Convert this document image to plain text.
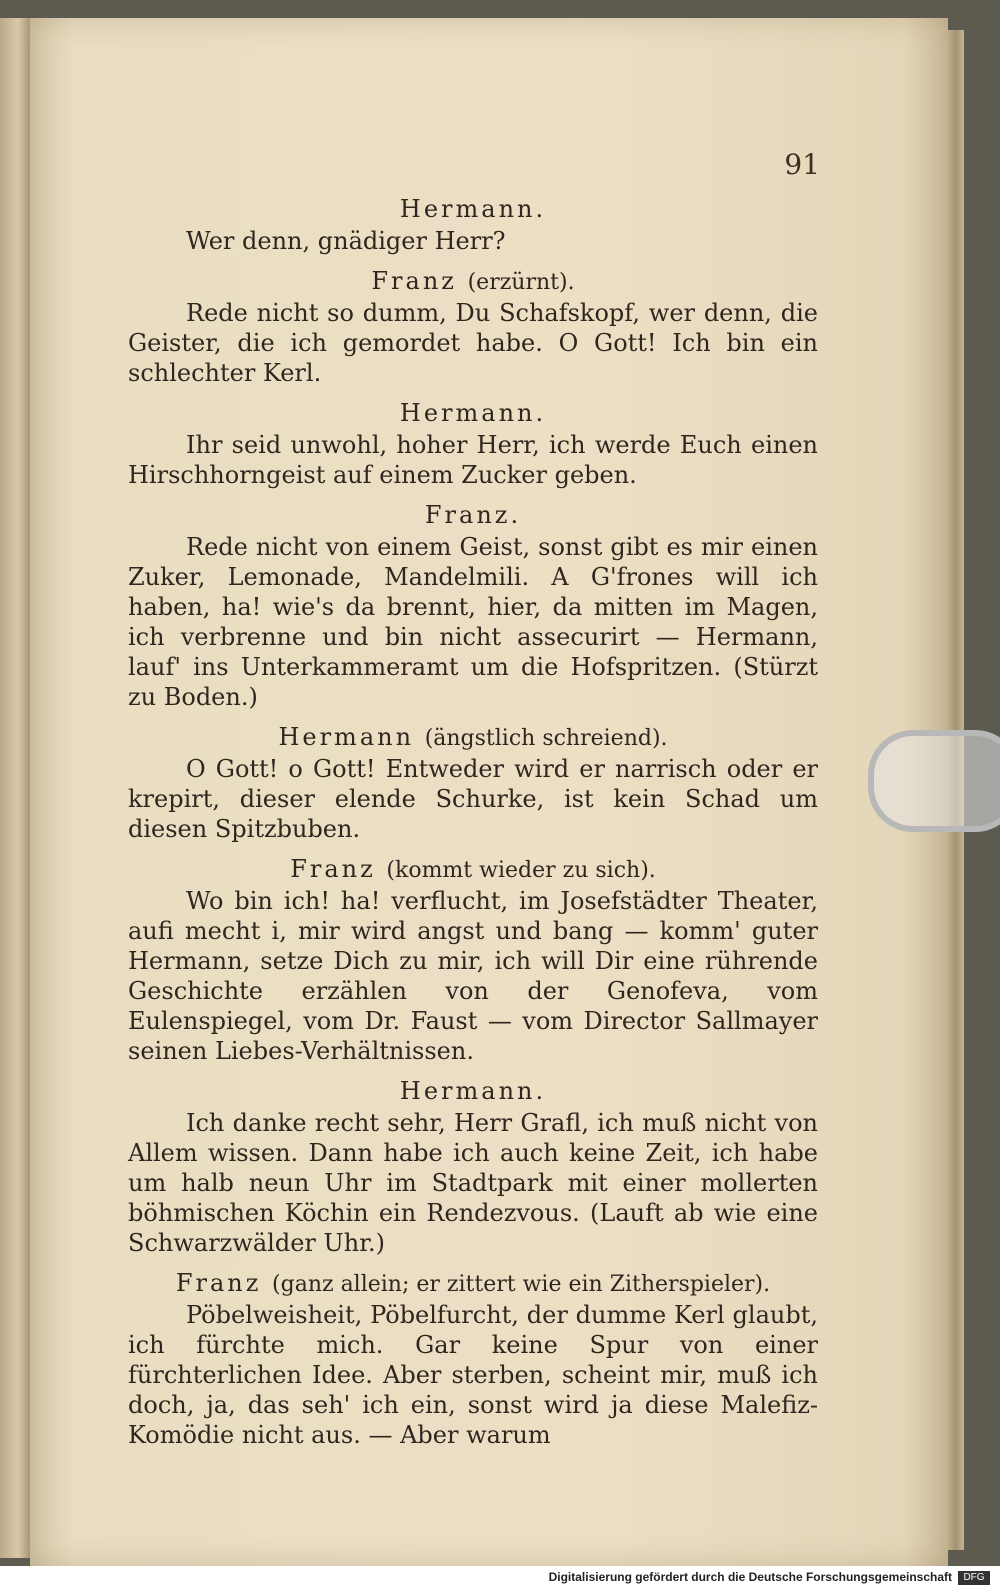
91
Hermann.
Wer denn, gnädiger Herr?
Franz (erzürnt).
Rede nicht so dumm, Du Schafskopf, wer denn, die Geister, die ich gemordet habe. O Gott! Ich bin ein schlechter Kerl.
Hermann.
Ihr seid unwohl, hoher Herr, ich werde Euch einen Hirschhorngeist auf einem Zucker geben.
Franz.
Rede nicht von einem Geist, sonst gibt es mir einen Zuker, Lemonade, Mandelmili. A G'frones will ich haben, ha! wie's da brennt, hier, da mitten im Magen, ich verbrenne und bin nicht assecurirt — Hermann, lauf' ins Unterkammeramt um die Hofspritzen. (Stürzt zu Boden.)
Hermann (ängstlich schreiend).
O Gott! o Gott! Entweder wird er narrisch oder er krepirt, dieser elende Schurke, ist kein Schad um diesen Spitzbuben.
Franz (kommt wieder zu sich).
Wo bin ich! ha! verflucht, im Josefstädter Theater, aufi mecht i, mir wird angst und bang — komm' guter Hermann, setze Dich zu mir, ich will Dir eine rührende Geschichte erzählen von der Genofeva, vom Eulenspiegel, vom Dr. Faust — vom Director Sallmayer seinen Liebes-Verhältnissen.
Hermann.
Ich danke recht sehr, Herr Grafl, ich muß nicht von Allem wissen. Dann habe ich auch keine Zeit, ich habe um halb neun Uhr im Stadtpark mit einer mollerten böhmischen Köchin ein Rendezvous. (Lauft ab wie eine Schwarzwälder Uhr.)
Franz (ganz allein; er zittert wie ein Zitherspieler).
Pöbelweisheit, Pöbelfurcht, der dumme Kerl glaubt, ich fürchte mich. Gar keine Spur von einer fürchterlichen Idee. Aber sterben, scheint mir, muß ich doch, ja, das seh' ich ein, sonst wird ja diese Malefiz-Komödie nicht aus. — Aber warum
Digitalisierung gefördert durch die Deutsche Forschungsgemeinschaft	DFG
